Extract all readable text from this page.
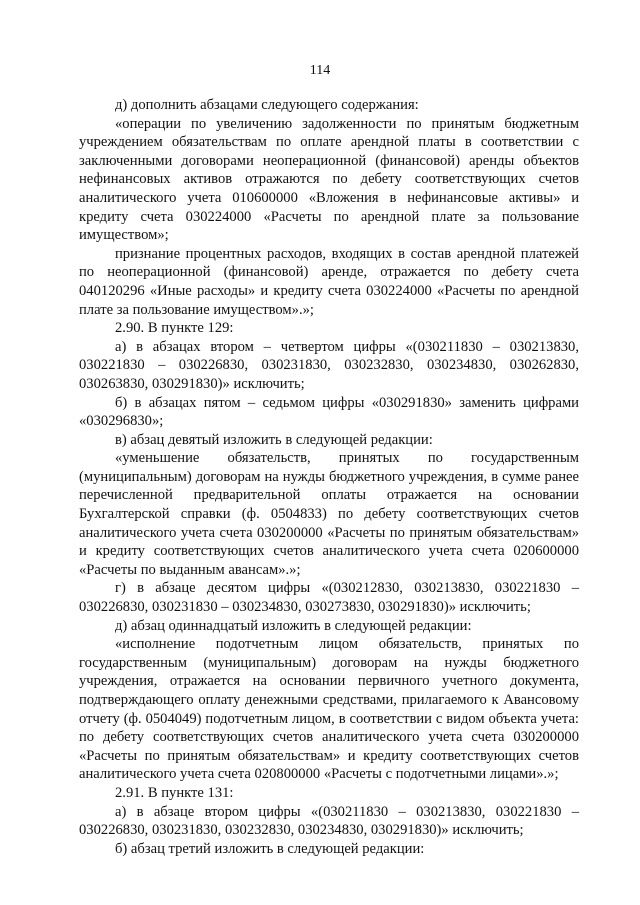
114

д) дополнить абзацами следующего содержания:

«операции по увеличению задолженности по принятым бюджетным учреждением обязательствам по оплате арендной платы в соответствии с заключенными договорами неоперационной (финансовой) аренды объектов нефинансовых активов отражаются по дебету соответствующих счетов аналитического учета 010600000 «Вложения в нефинансовые активы» и кредиту счета 030224000 «Расчеты по арендной плате за пользование имуществом»;

признание процентных расходов, входящих в состав арендной платежей по неоперационной (финансовой) аренде, отражается по дебету счета 040120296 «Иные расходы» и кредиту счета 030224000 «Расчеты по арендной плате за пользование имуществом».»;

2.90. В пункте 129:

а) в абзацах втором – четвертом цифры «(030211830 – 030213830, 030221830 – 030226830, 030231830, 030232830, 030234830, 030262830, 030263830, 030291830)» исключить;

б) в абзацах пятом – седьмом цифры «030291830» заменить цифрами «030296830»;

в) абзац девятый изложить в следующей редакции:

«уменьшение обязательств, принятых по государственным (муниципальным) договорам на нужды бюджетного учреждения, в сумме ранее перечисленной предварительной оплаты отражается на основании Бухгалтерской справки (ф. 0504833) по дебету соответствующих счетов аналитического учета счета 030200000 «Расчеты по принятым обязательствам» и кредиту соответствующих счетов аналитического учета счета 020600000 «Расчеты по выданным авансам».»;

г) в абзаце десятом цифры «(030212830, 030213830, 030221830 – 030226830, 030231830 – 030234830, 030273830, 030291830)» исключить;

д) абзац одиннадцатый изложить в следующей редакции:

«исполнение подотчетным лицом обязательств, принятых по государственным (муниципальным) договорам на нужды бюджетного учреждения, отражается на основании первичного учетного документа, подтверждающего оплату денежными средствами, прилагаемого к Авансовому отчету (ф. 0504049) подотчетным лицом, в соответствии с видом объекта учета: по дебету соответствующих счетов аналитического учета счета 030200000 «Расчеты по принятым обязательствам» и кредиту соответствующих счетов аналитического учета счета 020800000 «Расчеты с подотчетными лицами».»;

2.91. В пункте 131:

а) в абзаце втором цифры «(030211830 – 030213830, 030221830 – 030226830, 030231830, 030232830, 030234830, 030291830)» исключить;

б) абзац третий изложить в следующей редакции:
